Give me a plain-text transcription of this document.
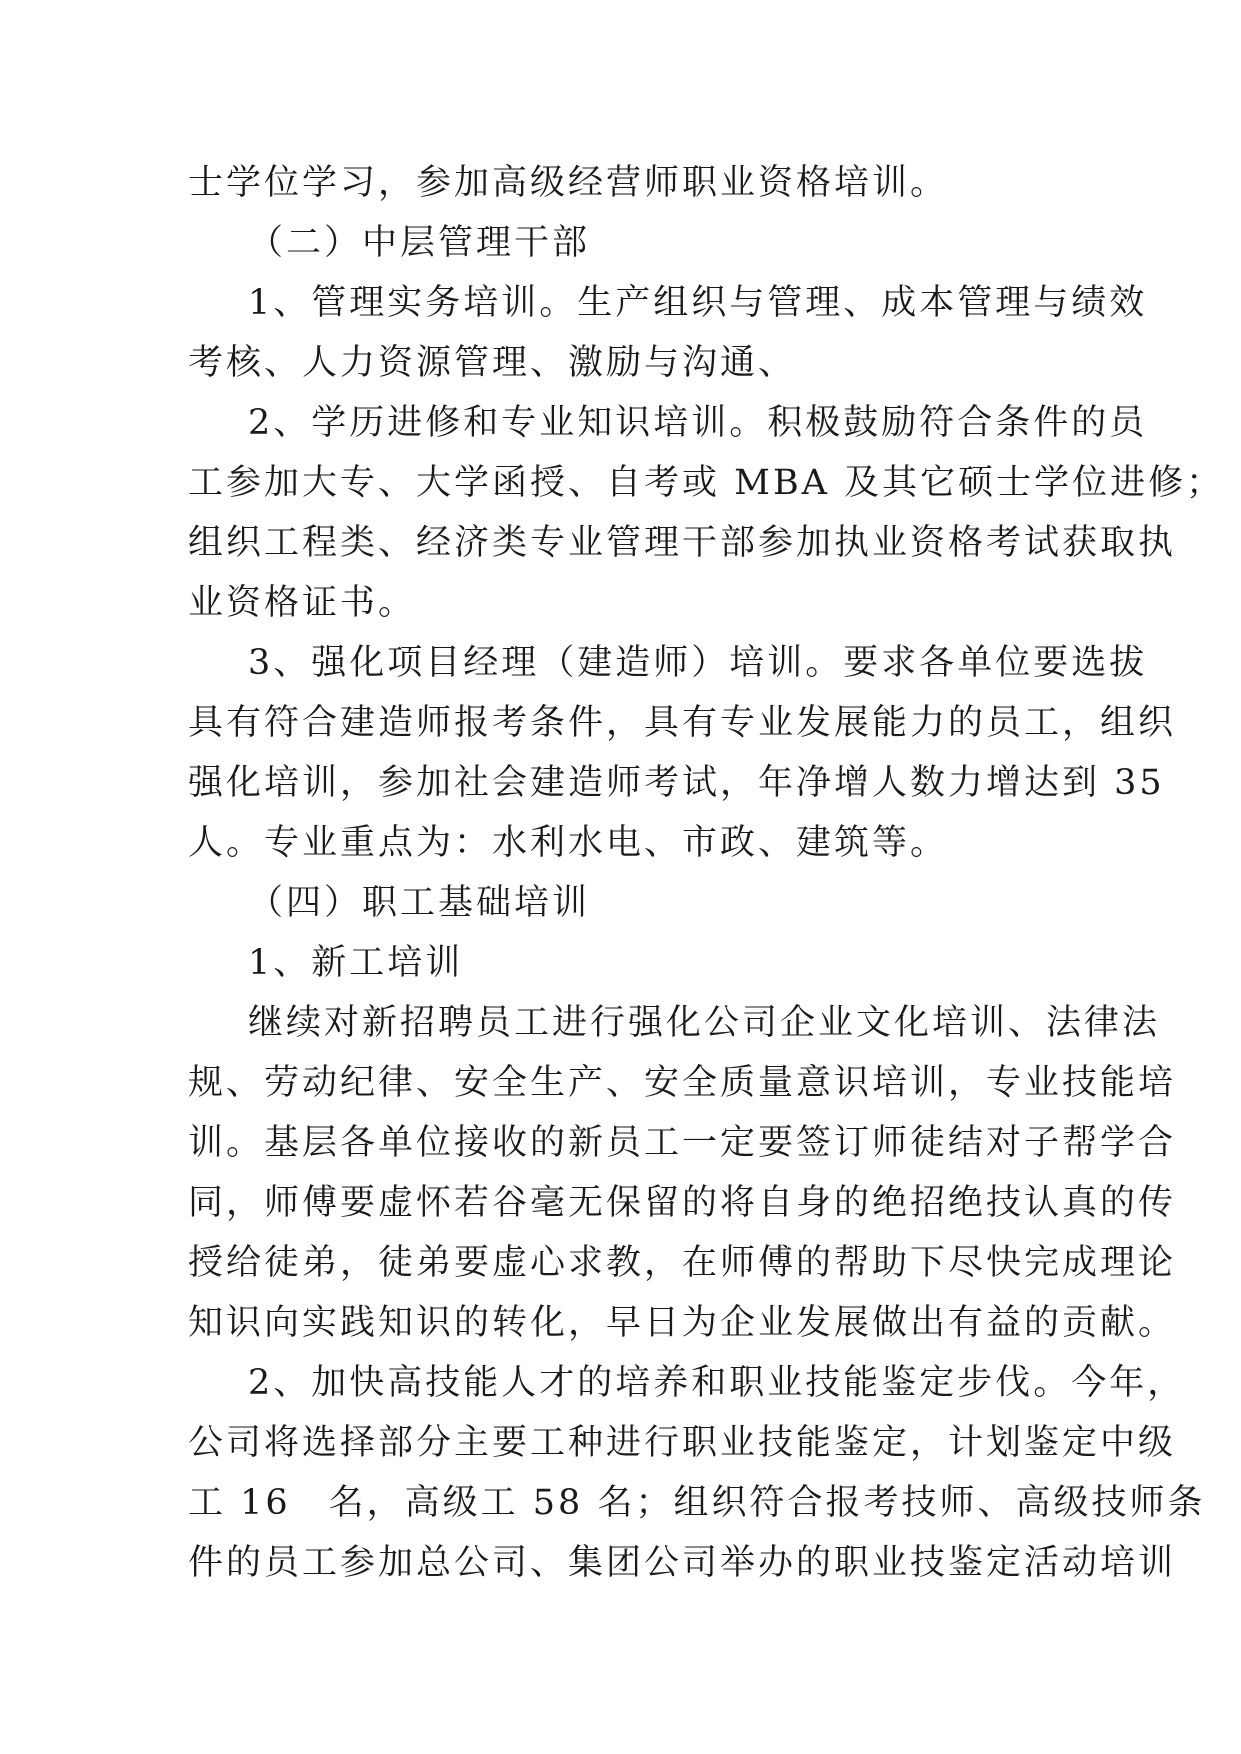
士学位学习，参加高级经营师职业资格培训。
（二）中层管理干部
1、管理实务培训。生产组织与管理、成本管理与绩效
考核、人力资源管理、激励与沟通、
2、学历进修和专业知识培训。积极鼓励符合条件的员
工参加大专、大学函授、自考或 MBA 及其它硕士学位进修；
组织工程类、经济类专业管理干部参加执业资格考试获取执
业资格证书。
3、强化项目经理（建造师）培训。要求各单位要选拔
具有符合建造师报考条件，具有专业发展能力的员工，组织
强化培训，参加社会建造师考试，年净增人数力增达到 35
人。专业重点为：水利水电、市政、建筑等。
（四）职工基础培训
1、新工培训
继续对新招聘员工进行强化公司企业文化培训、法律法
规、劳动纪律、安全生产、安全质量意识培训，专业技能培
训。基层各单位接收的新员工一定要签订师徒结对子帮学合
同，师傅要虚怀若谷毫无保留的将自身的绝招绝技认真的传
授给徒弟，徒弟要虚心求教，在师傅的帮助下尽快完成理论
知识向实践知识的转化，早日为企业发展做出有益的贡献。
2、加快高技能人才的培养和职业技能鉴定步伐。今年，
公司将选择部分主要工种进行职业技能鉴定，计划鉴定中级
工 16　名，高级工 58 名；组织符合报考技师、高级技师条
件的员工参加总公司、集团公司举办的职业技鉴定活动培训
